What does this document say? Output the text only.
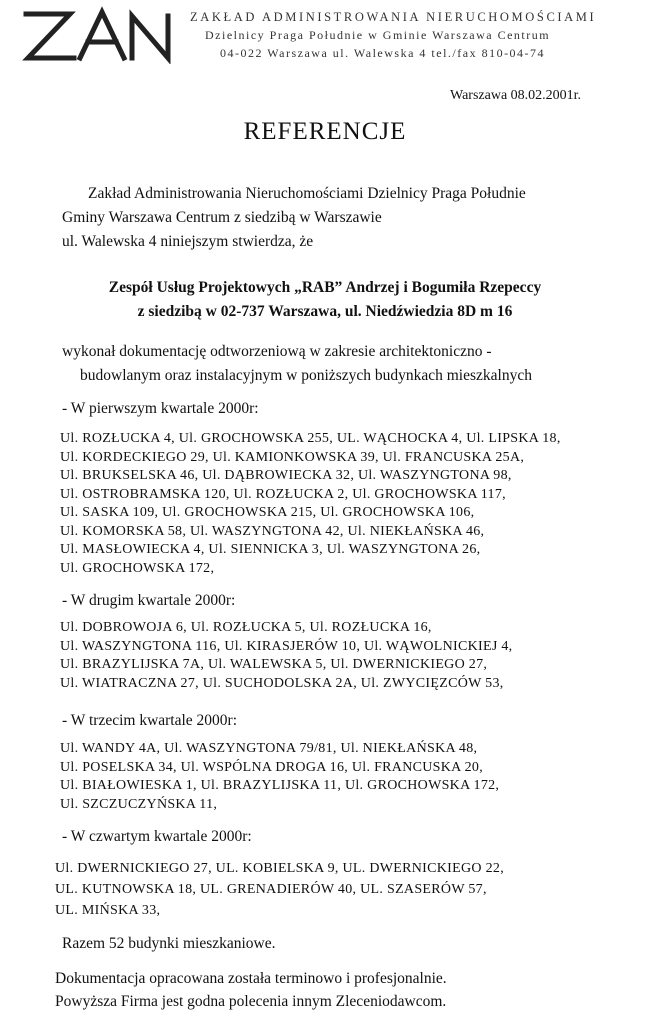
ZAKŁAD ADMINISTROWANIA NIERUCHOMOŚCIAMI
Dzielnicy Praga Południe w Gminie Warszawa Centrum
04-022 Warszawa ul. Walewska 4 tel./fax 810-04-74
Warszawa 08.02.2001r.
REFERENCJE
Zakład Administrowania Nieruchomościami Dzielnicy Praga Południe
Gminy Warszawa Centrum z siedzibą w Warszawie
ul. Walewska 4 niniejszym stwierdza, że
Zespół Usług Projektowych „RAB” Andrzej i Bogumiła Rzepeccy
z siedzibą w 02-737 Warszawa, ul. Niedźwiedzia 8D m 16
wykonał dokumentację odtworzeniową w zakresie architektoniczno -
budowlanym oraz instalacyjnym w poniższych budynkach mieszkalnych
- W pierwszym kwartale 2000r:
Ul. ROZŁUCKA 4, Ul. GROCHOWSKA 255, UL. WĄCHOCKA 4, Ul. LIPSKA 18,
Ul. KORDECKIEGO 29, Ul. KAMIONKOWSKA 39, Ul. FRANCUSKA 25A,
Ul. BRUKSELSKA 46, Ul. DĄBROWIECKA 32, Ul. WASZYNGTONA 98,
Ul. OSTROBRAMSKA 120, Ul. ROZŁUCKA 2, Ul. GROCHOWSKA 117,
Ul. SASKA 109, Ul. GROCHOWSKA 215, Ul. GROCHOWSKA 106,
Ul. KOMORSKA 58, Ul. WASZYNGTONA 42, Ul. NIEKŁAŃSKA 46,
Ul. MASŁOWIECKA 4, Ul. SIENNICKA 3, Ul. WASZYNGTONA 26,
Ul. GROCHOWSKA 172,
- W drugim kwartale 2000r:
Ul. DOBROWOJA 6, Ul. ROZŁUCKA 5, Ul. ROZŁUCKA 16,
Ul. WASZYNGTONA 116, Ul. KIRASJERÓW 10, Ul. WĄWOLNICKIEJ 4,
Ul. BRAZYLIJSKA 7A, Ul. WALEWSKA 5, Ul. DWERNICKIEGO 27,
Ul. WIATRACZNA 27, Ul. SUCHODOLSKA 2A, Ul. ZWYCIĘZCÓW 53,
- W trzecim kwartale 2000r:
Ul. WANDY 4A, Ul. WASZYNGTONA 79/81, Ul. NIEKŁAŃSKA 48,
Ul. POSELSKA 34, Ul. WSPÓLNA DROGA 16, Ul. FRANCUSKA 20,
Ul. BIAŁOWIESKA 1, Ul. BRAZYLIJSKA 11, Ul. GROCHOWSKA 172,
Ul. SZCZUCZYŃSKA 11,
- W czwartym kwartale 2000r:
Ul. DWERNICKIEGO 27, UL. KOBIELSKA 9, UL. DWERNICKIEGO 22,
UL. KUTNOWSKA 18, UL. GRENADIERÓW 40, UL. SZASERÓW 57,
UL. MIŃSKA 33,
Razem 52 budynki mieszkaniowe.
Dokumentacja opracowana została terminowo i profesjonalnie.
Powyższa Firma jest godna polecenia innym Zleceniodawcom.
